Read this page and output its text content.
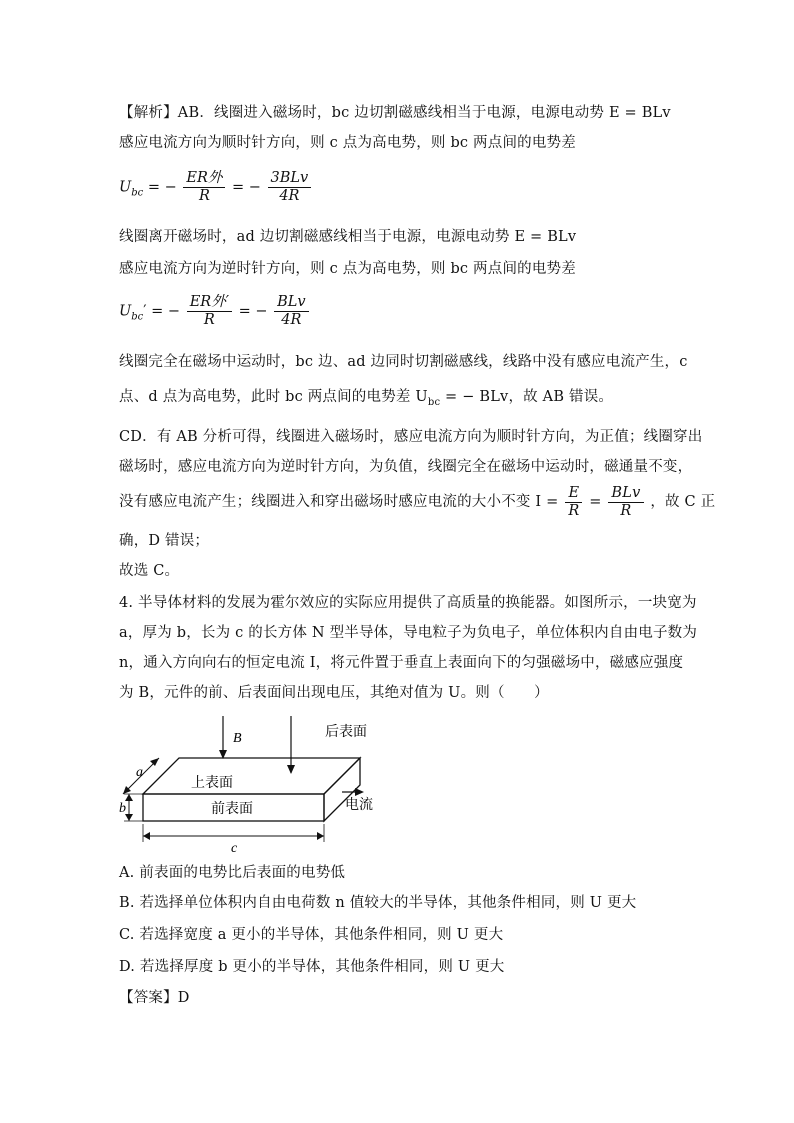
【解析】AB．线圈进入磁场时，bc 边切割磁感线相当于电源，电源电动势 E = BLv
感应电流方向为顺时针方向，则 c 点为高电势，则 bc 两点间的电势差
$U_{bc}$ = − $\frac{\text{ER外}}{R}$ = − $\frac{\text{3BLv}}{4R}$
线圈离开磁场时，ad 边切割磁感线相当于电源，电源电动势 E = BLv
感应电流方向为逆时针方向，则 c 点为高电势，则 bc 两点间的电势差
$U_{bc}'$ = − $\frac{\text{ER外′}}{R}$ = − $\frac{\text{BLv}}{4R}$
线圈完全在磁场中运动时，bc 边、ad 边同时切割磁感线，线路中没有感应电流产生，c
点、d 点为高电势，此时 bc 两点间的电势差 $U_{bc}$ = − BLv，故 AB 错误。
CD．有 AB 分析可得，线圈进入磁场时，感应电流方向为顺时针方向，为正值；线圈穿出
磁场时，感应电流方向为逆时针方向，为负值，线圈完全在磁场中运动时，磁通量不变，
没有感应电流产生；线圈进入和穿出磁场时感应电流的大小不变 $I = \frac{E}{R} = \frac{\text{BLv}}{R}$ ，故 C 正
确，D 错误；
故选 C。
4. 半导体材料的发展为霍尔效应的实际应用提供了高质量的换能器。如图所示，一块宽为
a，厚为 b，长为 c 的长方体 N 型半导体，导电粒子为负电子，单位体积内自由电子数为
n，通入方向向右的恒定电流 I，将元件置于垂直上表面向下的匀强磁场中，磁感应强度
为 B，元件的前、后表面间出现电压，其绝对值为 U。则（　　）
B	后表面
上表面
前表面	电流
a
b
c
A. 前表面的电势比后表面的电势低
B. 若选择单位体积内自由电荷数 n 值较大的半导体，其他条件相同，则 U 更大
C. 若选择宽度 a 更小的半导体，其他条件相同，则 U 更大
D. 若选择厚度 b 更小的半导体，其他条件相同，则 U 更大
【答案】D
